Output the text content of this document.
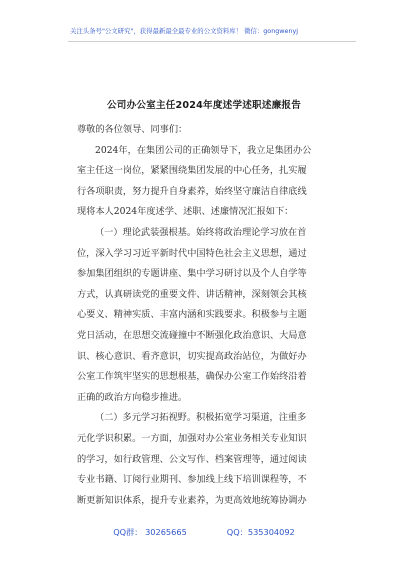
关注头条号"公文研究"，获得最新最全最专业的公文资料库！ 微信：gongwenyj
公司办公室主任2024年度述学述职述廉报告
尊敬的各位领导、同事们：
2024年，在集团公司的正确领导下，我立足集团办公
室主任这一岗位，紧紧围绕集团发展的中心任务，扎实履
行各项职责，努力提升自身素养，始终坚守廉洁自律底线
现将本人2024年度述学、述职、述廉情况汇报如下：
（一）理论武装强根基。始终将政治理论学习放在首
位，深入学习习近平新时代中国特色社会主义思想，通过
参加集团组织的专题讲座、集中学习研讨以及个人自学等
方式，认真研读党的重要文件、讲话精神，深刻领会其核
心要义、精神实质、丰富内涵和实践要求。积极参与主题
党日活动，在思想交流碰撞中不断强化政治意识、大局意
识、核心意识、看齐意识，切实提高政治站位，为做好办
公室工作筑牢坚实的思想根基，确保办公室工作始终沿着
正确的政治方向稳步推进。
（二）多元学习拓视野。积极拓宽学习渠道，注重多
元化学识积累。一方面，加强对办公室业务相关专业知识
的学习，如行政管理、公文写作、档案管理等，通过阅读
专业书籍、订阅行业期刊、参加线上线下培训课程等，不
断更新知识体系，提升专业素养，为更高效地统筹协调办
QQ群： 30265665	QQ：535304092
